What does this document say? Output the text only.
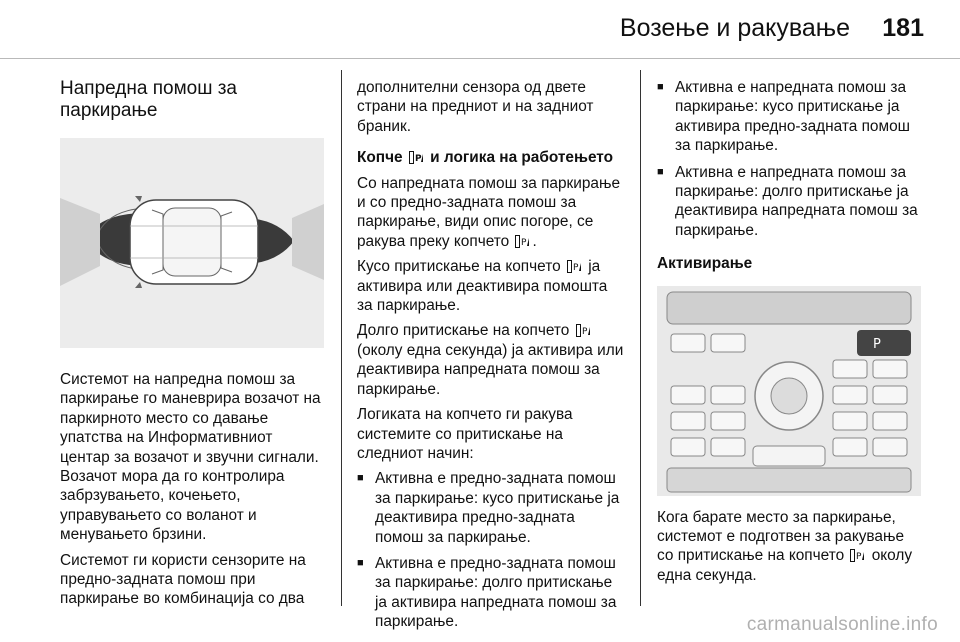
Возење и ракување 181
Напредна помош за паркирање

Системот на напредна помош за паркирање го маневрира возачот на паркирното место со давање упатства на Информативниот центар за возачот и звучни сигнали. Возачот мора да го контролира забрзувањето, кочењето, управувањето со воланот и менувањето брзини.

Системот ги користи сензорите на предно-задната помош при паркирање во комбинација со два

дополнителни сензора од двете страни на предниот и на задниот браник.

Копче P и логика на работењето

Со напредната помош за паркирање и со предно-задната помош за паркирање, види опис погоре, се ракува преку копчето P .

Кусо притискање на копчето P ја активира или деактивира помошта за паркирање.

Долго притискање на копчето P
(околу една секунда) ја активира или деактивира напредната помош за паркирање.

Логиката на копчето ги ракува системите со притискање на следниот начин:

■ Активна е предно-задната помош за паркирање: кусо притискање ја деактивира предно-задната помош за паркирање.
■ Активна е предно-задната помош за паркирање: долго притискање ја активира напредната помош за паркирање.
■ Активна е напредната помош за паркирање: кусо притискање ја активира предно-задната помош за паркирање.
■ Активна е напредната помош за паркирање: долго притискање ја деактивира напредната помош за паркирање.
Активирање
P

Кога барате место за паркирање, системот е подготвен за ракување со притискање на копчето P околу една секунда.

carmanualsonline.info
